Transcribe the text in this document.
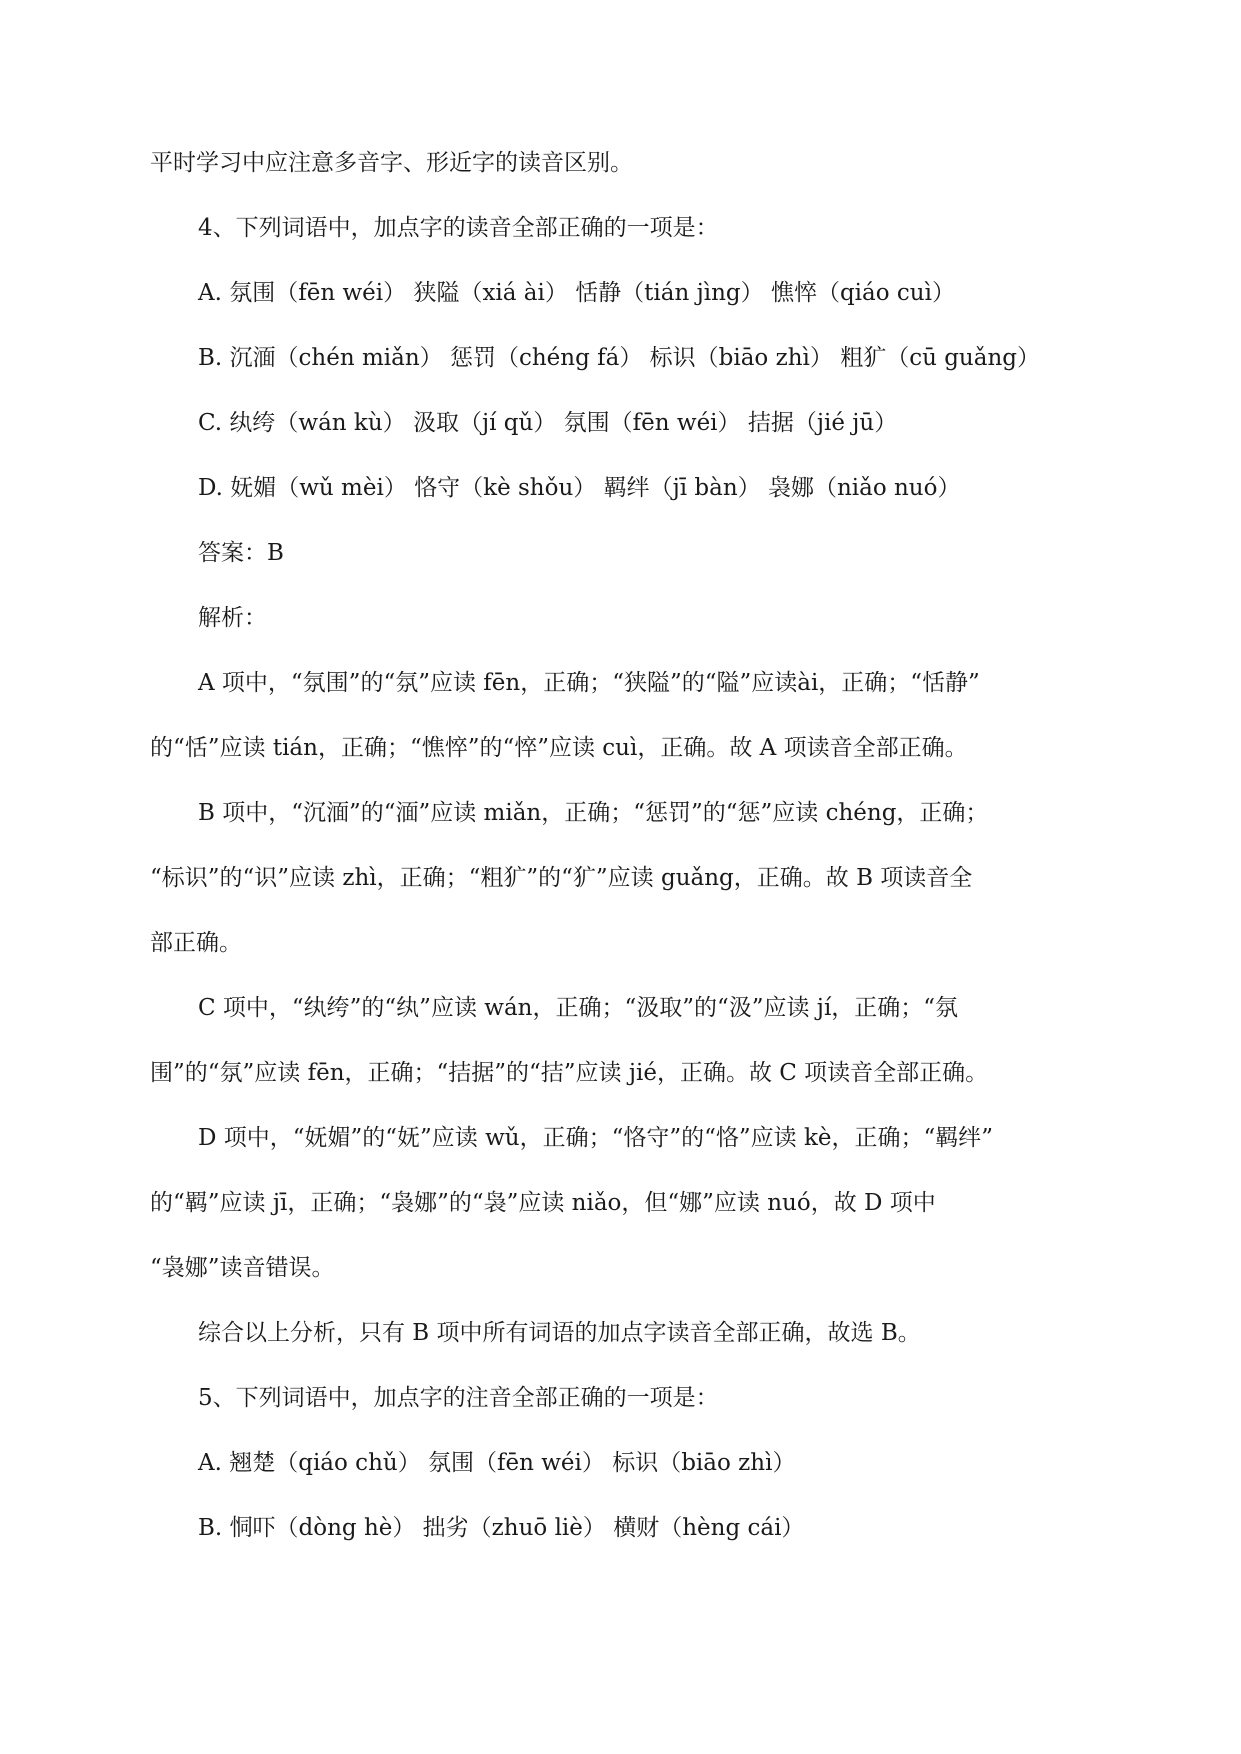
平时学习中应注意多音字、形近字的读音区别。

4、下列词语中，加点字的读音全部正确的一项是：

A. 氛围（fēn wéi） 狭隘（xiá ài） 恬静（tián jìng） 憔悴（qiáo cuì）

B. 沉湎（chén miǎn） 惩罚（chéng fá） 标识（biāo zhì） 粗犷（cū guǎng）

C. 纨绔（wán kù） 汲取（jí qǔ） 氛围（fēn wéi） 拮据（jié jū）

D. 妩媚（wǔ mèi） 恪守（kè shǒu） 羁绊（jī bàn） 袅娜（niǎo nuó）

答案：B

解析：

A 项中，“氛围”的“氛”应读 fēn，正确；“狭隘”的“隘”应读ài，正确；“恬静”

的“恬”应读 tián，正确；“憔悴”的“悴”应读 cuì，正确。故 A 项读音全部正确。

B 项中，“沉湎”的“湎”应读 miǎn，正确；“惩罚”的“惩”应读 chéng，正确；

“标识”的“识”应读 zhì，正确；“粗犷”的“犷”应读 guǎng，正确。故 B 项读音全

部正确。

C 项中，“纨绔”的“纨”应读 wán，正确；“汲取”的“汲”应读 jí，正确；“氛

围”的“氛”应读 fēn，正确；“拮据”的“拮”应读 jié，正确。故 C 项读音全部正确。

D 项中，“妩媚”的“妩”应读 wǔ，正确；“恪守”的“恪”应读 kè，正确；“羁绊”

的“羁”应读 jī，正确；“袅娜”的“袅”应读 niǎo，但“娜”应读 nuó，故 D 项中

“袅娜”读音错误。

综合以上分析，只有 B 项中所有词语的加点字读音全部正确，故选 B。

5、下列词语中，加点字的注音全部正确的一项是：

A. 翘楚（qiáo chǔ） 氛围（fēn wéi） 标识（biāo zhì）

B. 恫吓（dòng hè） 拙劣（zhuō liè） 横财（hèng cái）
